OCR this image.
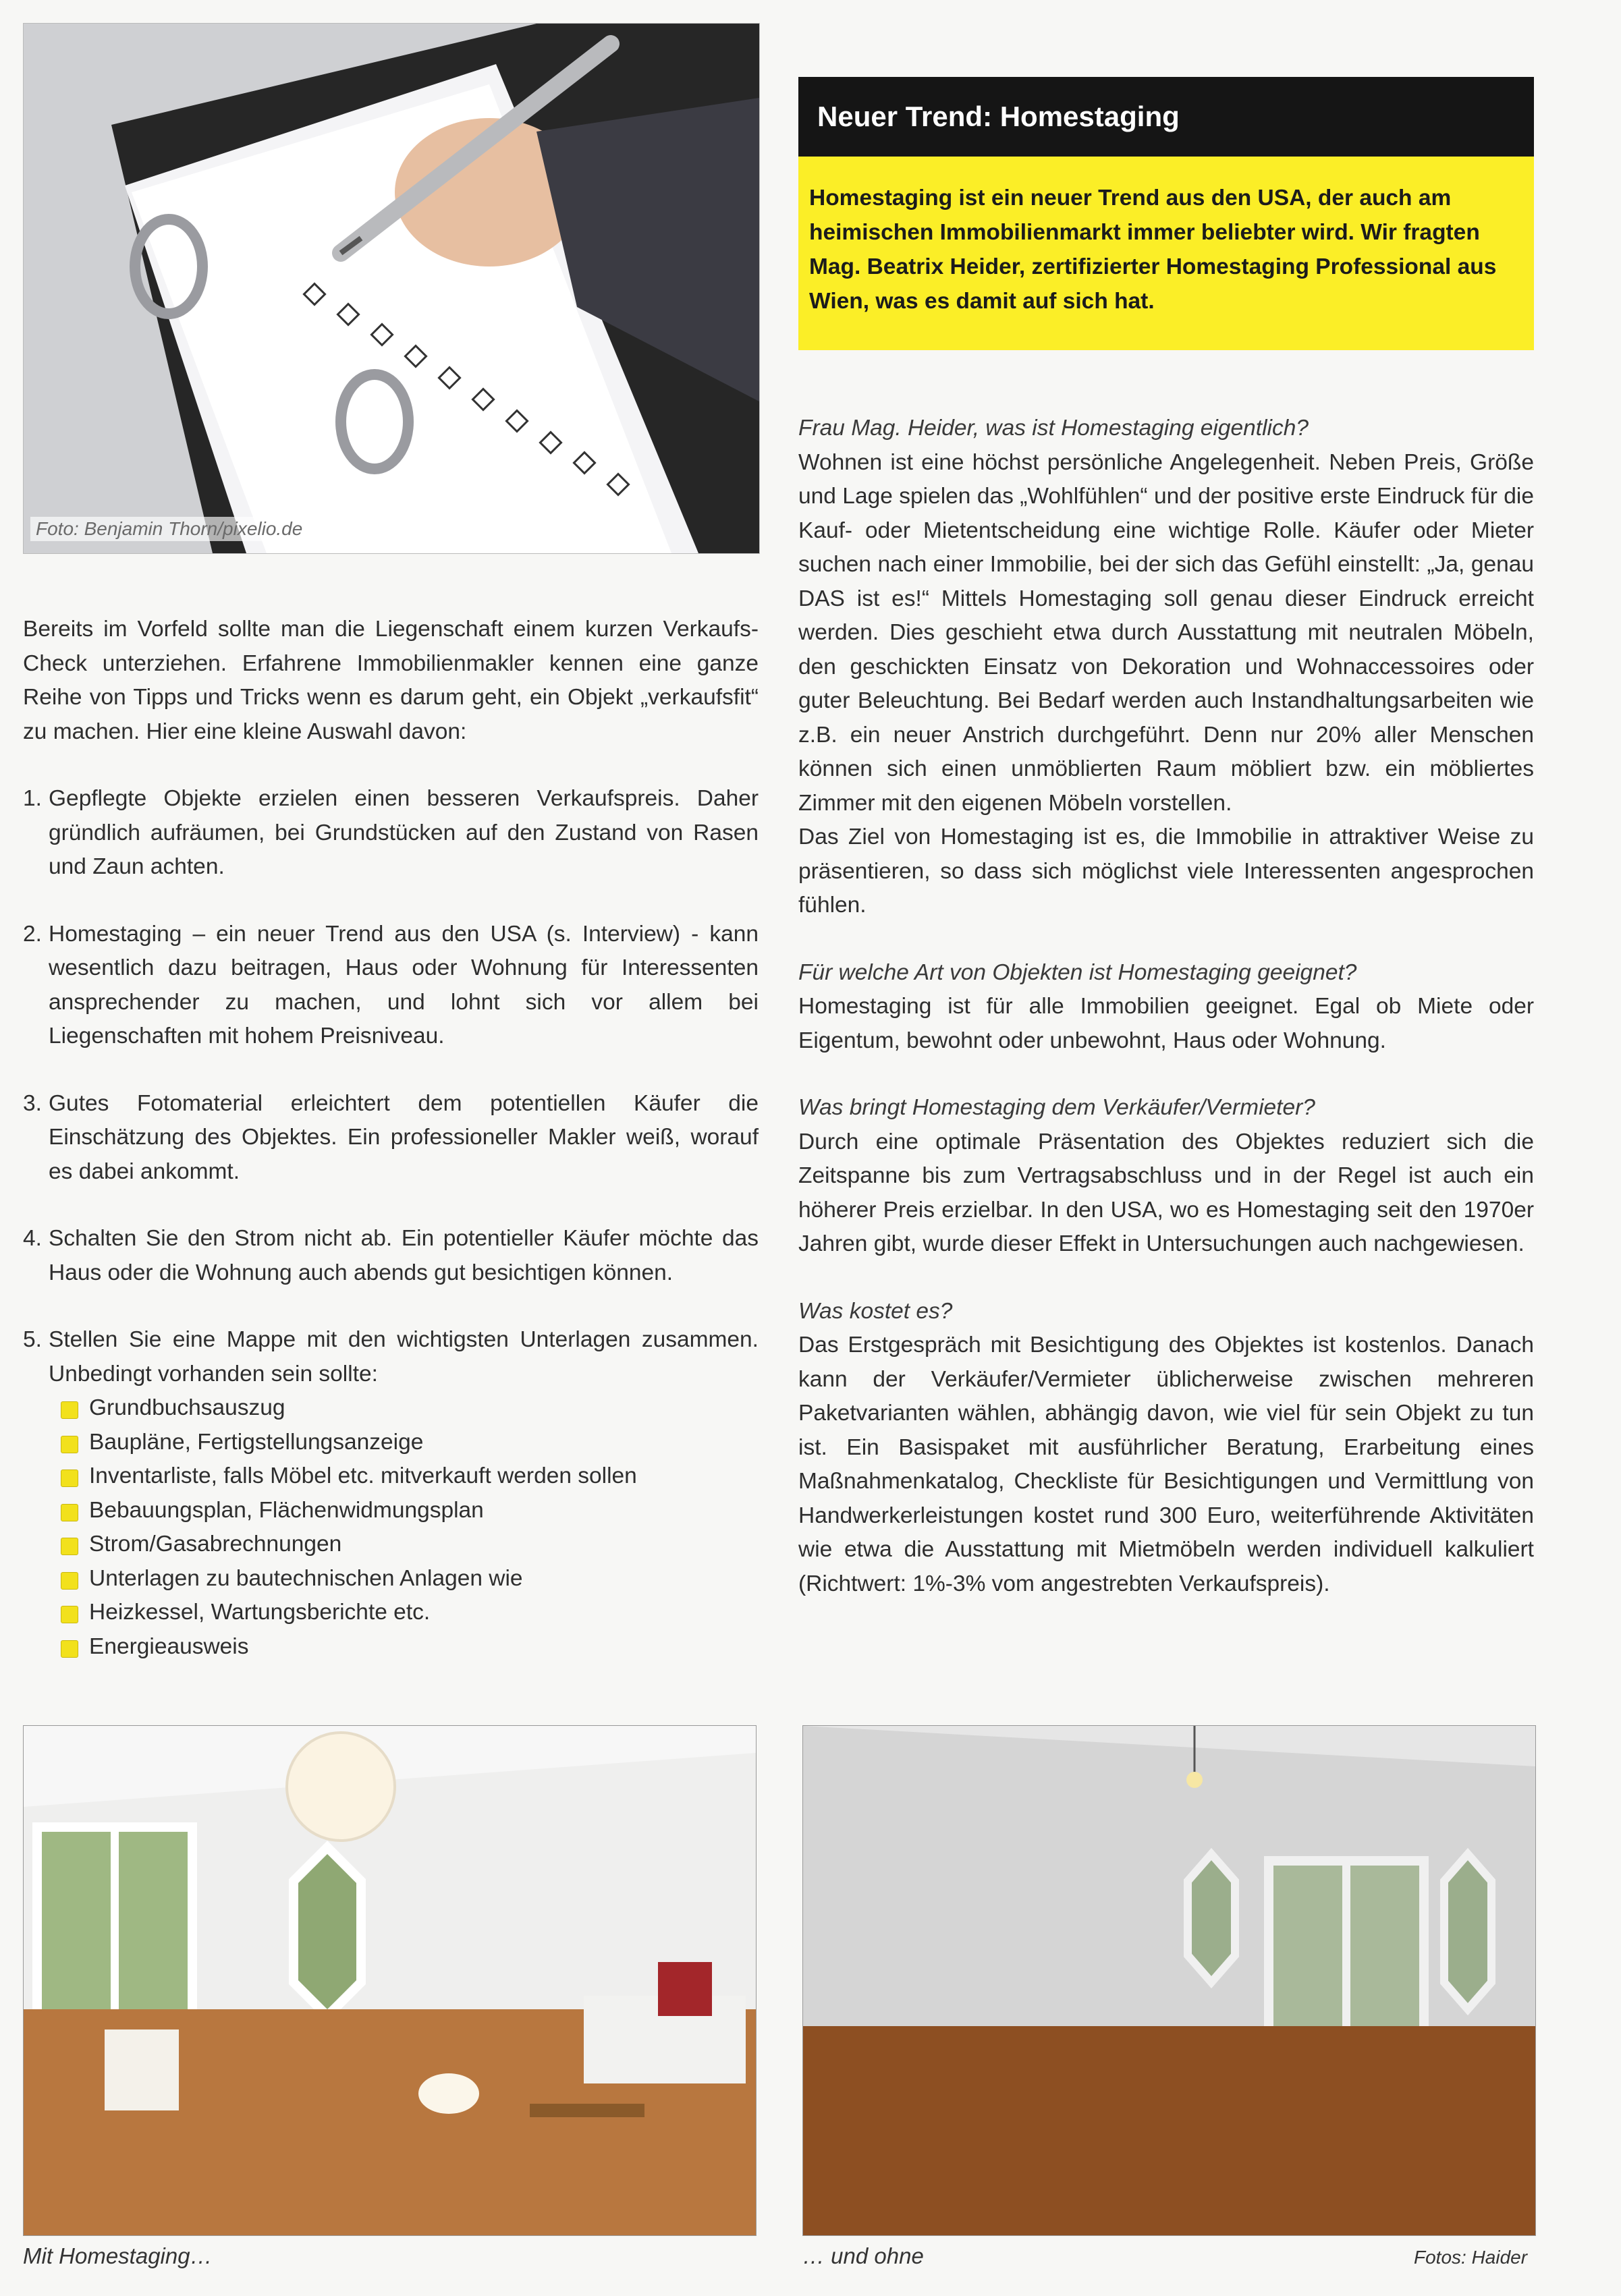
Foto: Benjamin Thorn/pixelio.de
Neuer Trend: Homestaging
Homestaging ist ein neuer Trend aus den USA, der auch am heimischen Immobilienmarkt immer beliebter wird. Wir fragten Mag. Beatrix Heider, zertifizierter Homestaging Professional aus Wien, was es damit auf sich hat.

Bereits im Vorfeld sollte man die Liegenschaft einem kurzen Verkaufs-Check unterziehen. Erfahrene Immobilienmakler kennen eine ganze Reihe von Tipps und Tricks wenn es darum geht, ein Objekt „verkaufsfit“ zu machen. Hier eine kleine Auswahl davon:

1. Gepflegte Objekte erzielen einen besseren Verkaufspreis. Daher gründlich aufräumen, bei Grundstücken auf den Zustand von Rasen und Zaun achten.
2. Homestaging – ein neuer Trend aus den USA (s. Interview) - kann wesentlich dazu beitragen, Haus oder Wohnung für Interessenten ansprechender zu machen, und lohnt sich vor allem bei Liegenschaften mit hohem Preisniveau.
3. Gutes Fotomaterial erleichtert dem potentiellen Käufer die Einschätzung des Objektes. Ein professioneller Makler weiß, worauf es dabei ankommt.
4. Schalten Sie den Strom nicht ab. Ein potentieller Käufer möchte das Haus oder die Wohnung auch abends gut besichtigen können.
5. Stellen Sie eine Mappe mit den wichtigsten Unterlagen zusammen. Unbedingt vorhanden sein sollte:
Grundbuchsauszug
Baupläne, Fertigstellungsanzeige
Inventarliste, falls Möbel etc. mitverkauft werden sollen
Bebauungsplan, Flächenwidmungsplan
Strom/Gasabrechnungen
Unterlagen zu bautechnischen Anlagen wie
Heizkessel, Wartungsberichte etc.
Energieausweis

Frau Mag. Heider, was ist Homestaging eigentlich?

Wohnen ist eine höchst persönliche Angelegenheit. Neben Preis, Größe und Lage spielen das „Wohlfühlen“ und der positive erste Eindruck für die Kauf- oder Mietentscheidung eine wichtige Rolle. Käufer oder Mieter suchen nach einer Immobilie, bei der sich das Gefühl einstellt: „Ja, genau DAS ist es!“ Mittels Homestaging soll genau dieser Eindruck erreicht werden. Dies geschieht etwa durch Ausstattung mit neutralen Möbeln, den geschickten Einsatz von Dekoration und Wohnaccessoires oder guter Beleuchtung. Bei Bedarf werden auch Instandhaltungsarbeiten wie z.B. ein neuer Anstrich durchgeführt. Denn nur 20% aller Menschen können sich einen unmöblierten Raum möbliert bzw. ein möbliertes Zimmer mit den eigenen Möbeln vorstellen.

Das Ziel von Homestaging ist es, die Immobilie in attraktiver Weise zu präsentieren, so dass sich möglichst viele Interessenten angesprochen fühlen.

Für welche Art von Objekten ist Homestaging geeignet?

Homestaging ist für alle Immobilien geeignet. Egal ob Miete oder Eigentum, bewohnt oder unbewohnt, Haus oder Wohnung.

Was bringt Homestaging dem Verkäufer/Vermieter?

Durch eine optimale Präsentation des Objektes reduziert sich die Zeitspanne bis zum Vertragsabschluss und in der Regel ist auch ein höherer Preis erzielbar. In den USA, wo es Homestaging seit den 1970er Jahren gibt, wurde dieser Effekt in Untersuchungen auch nachgewiesen.

Was kostet es?

Das Erstgespräch mit Besichtigung des Objektes ist kostenlos. Danach kann der Verkäufer/Vermieter üblicherweise zwischen mehreren Paketvarianten wählen, abhängig davon, wie viel für sein Objekt zu tun ist. Ein Basispaket mit ausführlicher Beratung, Erarbeitung eines Maßnahmenkatalog, Checkliste für Besichtigungen und Vermittlung von Handwerkerleistungen kostet rund 300 Euro, weiterführende Aktivitäten wie etwa die Ausstattung mit Mietmöbeln werden individuell kalkuliert (Richtwert: 1%-3% vom angestrebten Verkaufspreis).

Mit Homestaging…	… und ohne	Fotos: Haider
